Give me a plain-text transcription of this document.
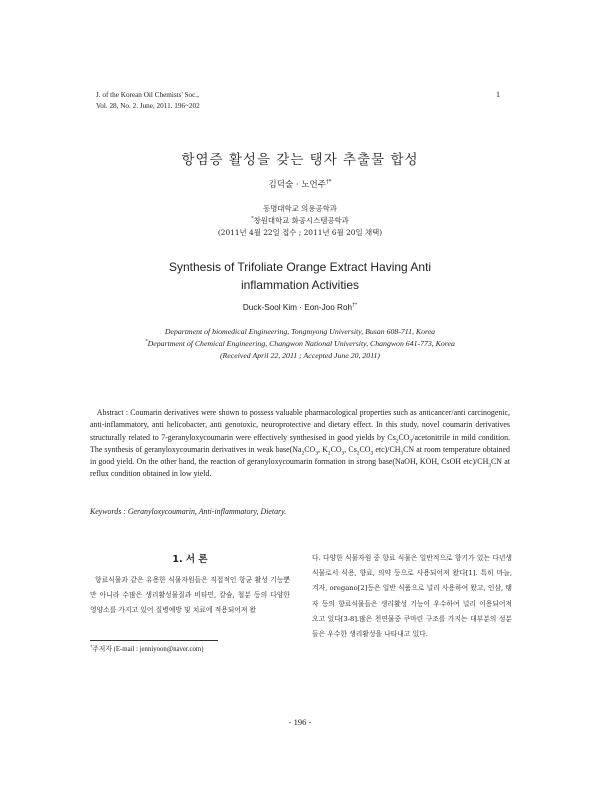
J. of the Korean Oil Chemists' Soc.,
Vol. 28, No. 2. June, 2011. 196~202
1
항염증 활성을 갖는 탱자 추출물 합성
김덕술 · 노언주†*
동명대학교 의용공학과
*창원대학교 화공시스템공학과
(2011년 4월 22일 접수 ; 2011년 6월 20일 채택)
Synthesis of Trifoliate Orange Extract Having Anti
inflammation Activities
Duck-Sool Kim · Eon-Joo Roh†*
Department of biomedical Engineering, Tongmyong University, Busan 608-711, Korea
*Department of Chemical Engineering, Changwon National University, Changwon 641-773, Korea
(Received April 22, 2011 ; Accepted June 20, 2011)
Abstract : Coumarin derivatives were shown to possess valuable pharmacological properties such as anticancer/anti carcinogenic, anti-inflammatory, anti helicobacter, anti genotoxic, neuroprotective and dietary effect. In this study, novel coumarin derivatives structurally related to 7-geranyloxycoumarin were effectively synthesised in good yields by $Cs_2CO_3$/acetonitrile in mild condition. The synthesis of geranyloxycoumarin derivatives in weak $base(Na_2CO_3$, $K_2CO_3$, $Cs_2CO_3$ $etc)/CH_3CN$ at room temperature obtained in good yield. On the other hand, the reaction of geranyloxycoumarin formation in strong base(NaOH, KOH, CsOH $etc)/CH_3CN$ at reflux condition obtained in low yield.
Keywords : Geranyloxycoumarin, Anti-inflammatory, Dietary.
1. 서 론
향료식물과 같은 유용한 식물자원들은 직접적인 항균 활성 기능뿐만 아니라 수많은 생리활성물질과 비타민, 칼슘, 철분 등의 다양한 영양소를 가지고 있어 질병예방 및 치료에 적용되어져 왔
다. 다양한 식물자원 중 향료 식물은 일반적으로 향기가 있는 다년생 식물로서 식용, 향료, 의약 등으로 사용되어져 왔다[1]. 특히 마늘, 겨자, oregano[2]등은 일반 식품으로 널리 사용하여 왔고, 인삼, 탱자 등의 향료식물들은 생리활성 기능이 우수하여 널리 이용되어져 오고 있다[3-8].많은 천연물중 쿠마린 구조를 가지는 대부분의 성분들은 우수한 생리활성을 나타내고 있다.
†주저자 (E-mail : jenniyoon@naver.com)
- 196 -
